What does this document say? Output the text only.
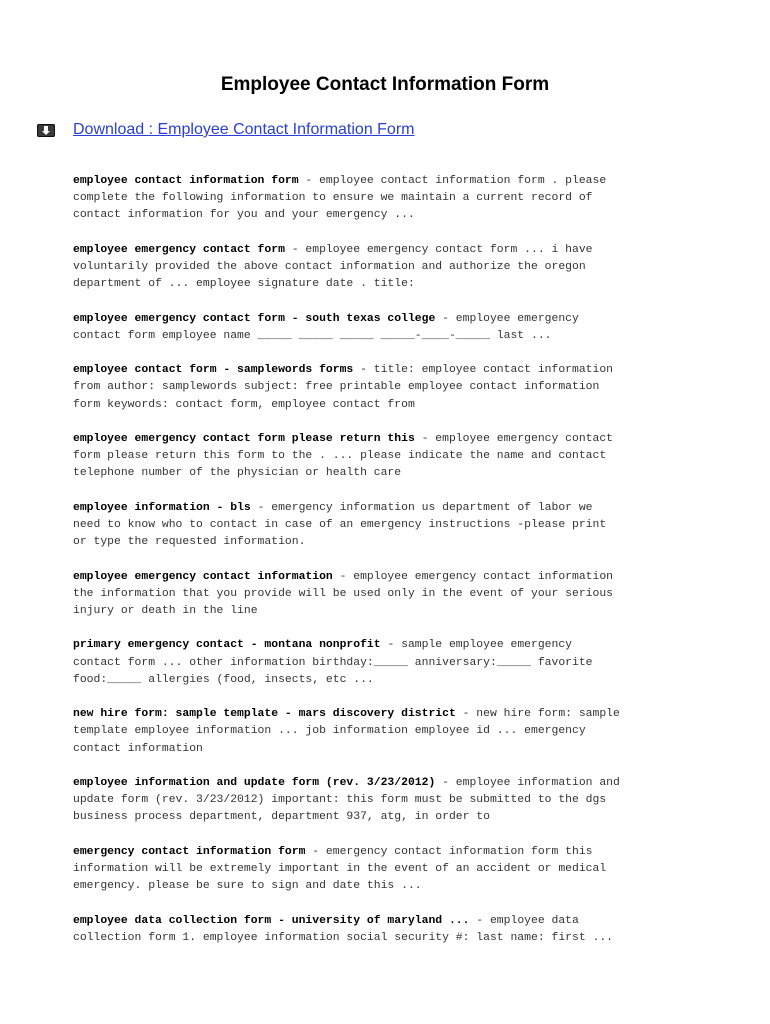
Employee Contact Information Form
Download : Employee Contact Information Form

employee contact information form - employee contact information form . please
complete the following information to ensure we maintain a current record of
contact information for you and your emergency ...

employee emergency contact form - employee emergency contact form ... i have
voluntarily provided the above contact information and authorize the oregon
department of ... employee signature date . title:

employee emergency contact form - south texas college - employee emergency
contact form employee name _____ _____ _____ _____-____-_____ last ...

employee contact form - samplewords forms - title: employee contact information
from author: samplewords subject: free printable employee contact information
form keywords: contact form, employee contact from

employee emergency contact form please return this - employee emergency contact
form please return this form to the . ... please indicate the name and contact
telephone number of the physician or health care

employee information - bls - emergency information us department of labor we
need to know who to contact in case of an emergency instructions -please print
or type the requested information.

employee emergency contact information - employee emergency contact information
the information that you provide will be used only in the event of your serious
injury or death in the line

primary emergency contact - montana nonprofit - sample employee emergency
contact form ... other information birthday:_____ anniversary:_____ favorite
food:_____ allergies (food, insects, etc ...

new hire form: sample template - mars discovery district - new hire form: sample
template employee information ... job information employee id ... emergency
contact information

employee information and update form (rev. 3/23/2012) - employee information and
update form (rev. 3/23/2012) important: this form must be submitted to the dgs
business process department, department 937, atg, in order to

emergency contact information form - emergency contact information form this
information will be extremely important in the event of an accident or medical
emergency. please be sure to sign and date this ...

employee data collection form - university of maryland ... - employee data
collection form 1. employee information social security #: last name: first ...
